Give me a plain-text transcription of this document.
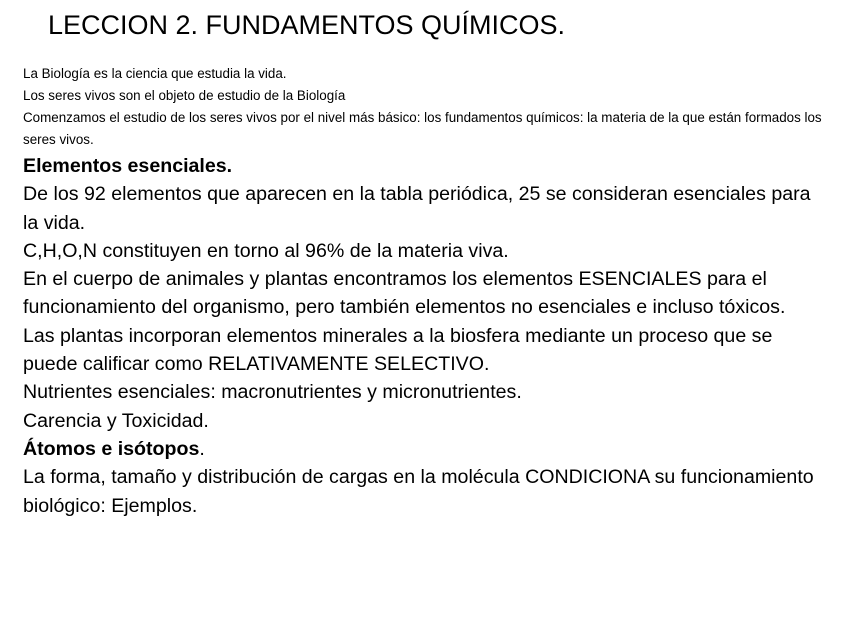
LECCION 2. FUNDAMENTOS QUÍMICOS.
La Biología es la ciencia que estudia la vida.
Los seres vivos son el objeto de estudio de la Biología
Comenzamos el estudio de los seres vivos por el nivel más básico: los fundamentos químicos: la materia de la que están formados los seres vivos.
Elementos esenciales.
De los 92 elementos que aparecen en la tabla periódica, 25 se consideran esenciales para la vida.
C,H,O,N constituyen en torno al 96% de la materia viva.
En el cuerpo de animales y plantas encontramos los elementos ESENCIALES para el funcionamiento del organismo, pero también elementos no esenciales e incluso tóxicos.
Las plantas incorporan elementos minerales a la biosfera mediante un proceso que se puede calificar como RELATIVAMENTE SELECTIVO.
Nutrientes esenciales: macronutrientes y micronutrientes.
Carencia y Toxicidad.
Átomos e isótopos.
La forma, tamaño y distribución de cargas en la molécula CONDICIONA su funcionamiento biológico: Ejemplos.
